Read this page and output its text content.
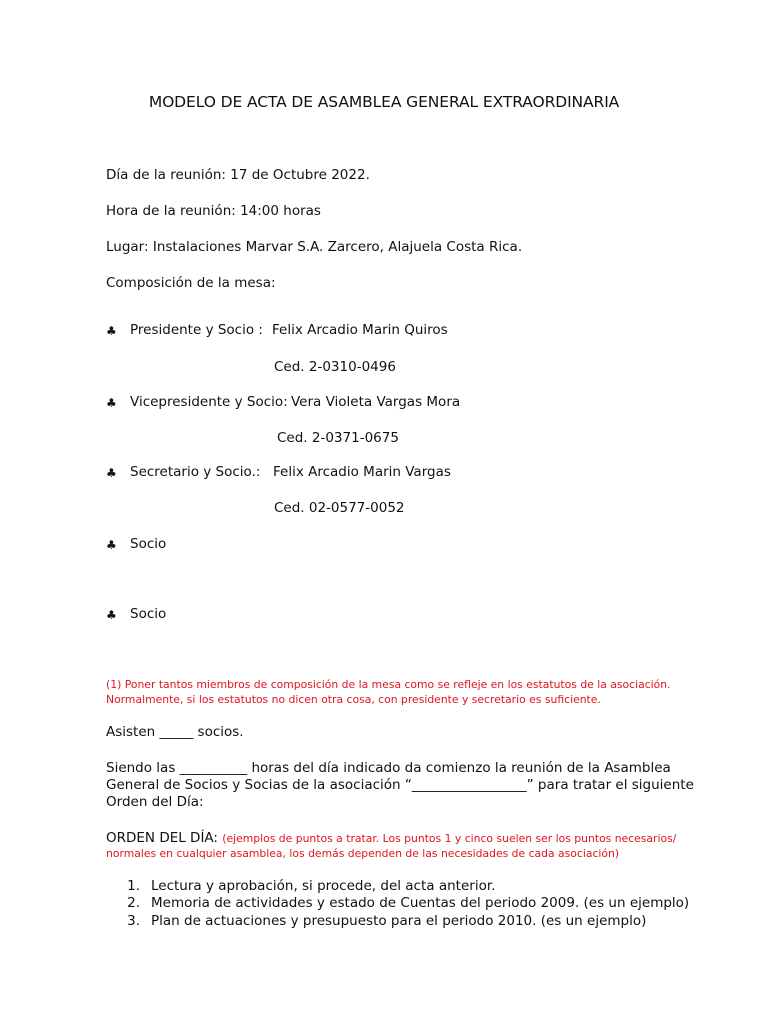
MODELO DE ACTA DE ASAMBLEA GENERAL EXTRAORDINARIA
Día de la reunión: 17 de Octubre 2022.
Hora de la reunión: 14:00 horas
Lugar: Instalaciones Marvar S.A. Zarcero, Alajuela Costa Rica.
Composición de la mesa:
♣ Presidente y Socio : Felix Arcadio Marin Quiros
Ced. 2-0310-0496
♣ Vicepresidente y Socio: Vera Violeta Vargas Mora
Ced. 2-0371-0675
♣ Secretario y Socio.: Felix Arcadio Marin Vargas
Ced. 02-0577-0052
♣ Socio
♣ Socio
(1) Poner tantos miembros de composición de la mesa como se refleje en los estatutos de la asociación.
Normalmente, si los estatutos no dicen otra cosa, con presidente y secretario es suficiente.
Asisten _____ socios.
Siendo las __________ horas del día indicado da comienzo la reunión de la Asamblea
General de Socios y Socias de la asociación “_________________” para tratar el siguiente
Orden del Día:
ORDEN DEL DÍA: (ejemplos de puntos a tratar. Los puntos 1 y cinco suelen ser los puntos necesarios/
normales en cualquier asamblea, los demás dependen de las necesidades de cada asociación)
1. Lectura y aprobación, si procede, del acta anterior.
2. Memoria de actividades y estado de Cuentas del periodo 2009. (es un ejemplo)
3. Plan de actuaciones y presupuesto para el periodo 2010. (es un ejemplo)
